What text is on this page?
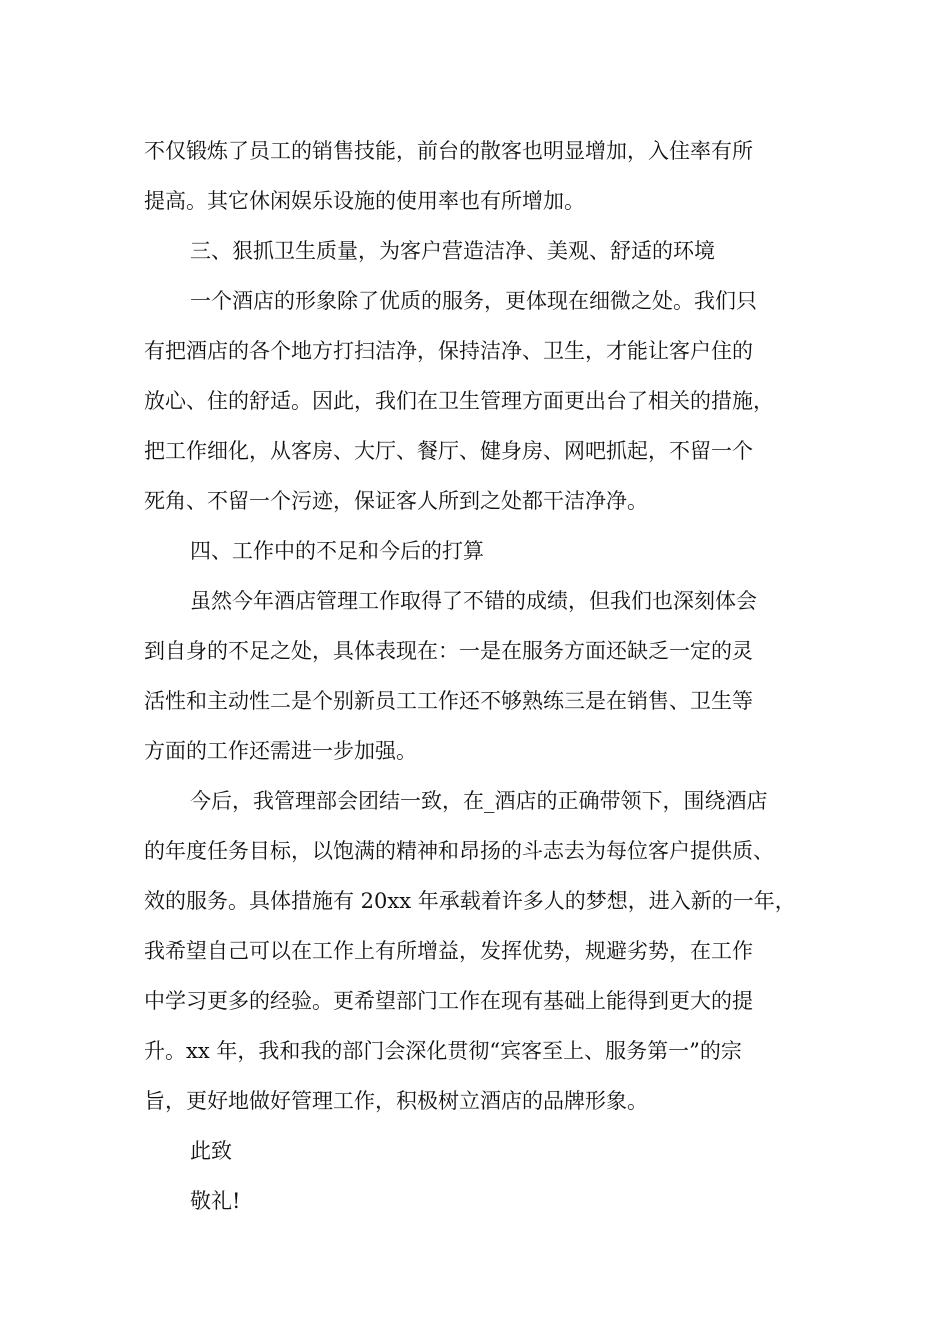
不仅锻炼了员工的销售技能，前台的散客也明显增加，入住率有所
提高。其它休闲娱乐设施的使用率也有所增加。
三、狠抓卫生质量，为客户营造洁净、美观、舒适的环境
一个酒店的形象除了优质的服务，更体现在细微之处。我们只
有把酒店的各个地方打扫洁净，保持洁净、卫生，才能让客户住的
放心、住的舒适。因此，我们在卫生管理方面更出台了相关的措施，
把工作细化，从客房、大厅、餐厅、健身房、网吧抓起，不留一个
死角、不留一个污迹，保证客人所到之处都干洁净净。
四、工作中的不足和今后的打算
虽然今年酒店管理工作取得了不错的成绩，但我们也深刻体会
到自身的不足之处，具体表现在：一是在服务方面还缺乏一定的灵
活性和主动性二是个别新员工工作还不够熟练三是在销售、卫生等
方面的工作还需进一步加强。
今后，我管理部会团结一致，在_酒店的正确带领下，围绕酒店
的年度任务目标，以饱满的精神和昂扬的斗志去为每位客户提供质、
效的服务。具体措施有 20xx 年承载着许多人的梦想，进入新的一年，
我希望自己可以在工作上有所增益，发挥优势，规避劣势，在工作
中学习更多的经验。更希望部门工作在现有基础上能得到更大的提
升。xx 年，我和我的部门会深化贯彻“宾客至上、服务第一”的宗
旨，更好地做好管理工作，积极树立酒店的品牌形象。
此致
敬礼!
